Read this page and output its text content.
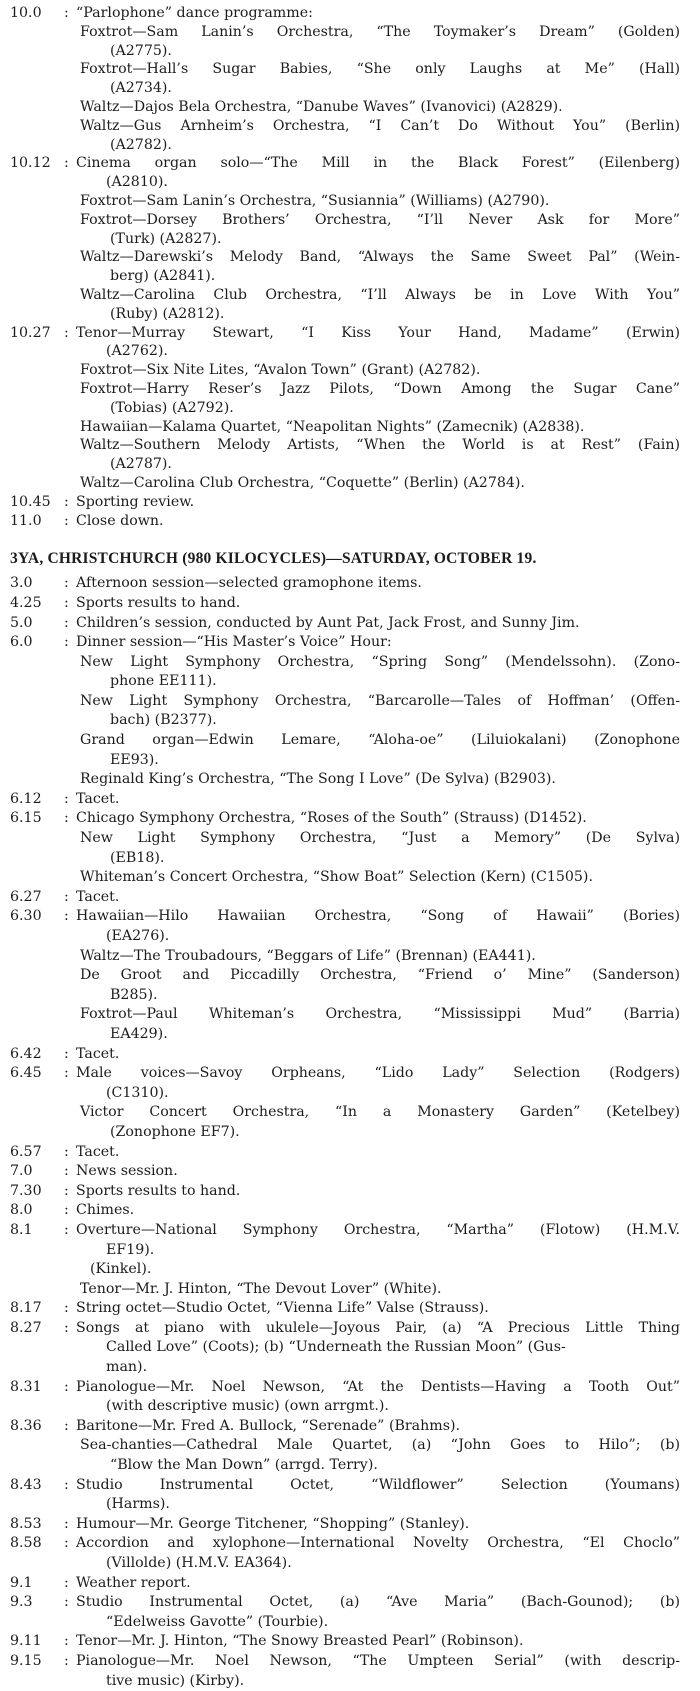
10.0	: “Parlophone” dance programme:
Foxtrot—Sam Lanin’s Orchestra, “The Toymaker’s Dream” (Golden)
(A2775).
Foxtrot—Hall’s Sugar Babies, “She only Laughs at Me” (Hall)
(A2734).
Waltz—Dajos Bela Orchestra, “Danube Waves” (Ivanovici) (A2829).
Waltz—Gus Arnheim’s Orchestra, “I Can’t Do Without You” (Berlin)
(A2782).
10.12 : Cinema organ solo—“The Mill in the Black Forest” (Eilenberg)
(A2810).
Foxtrot—Sam Lanin’s Orchestra, “Susiannia” (Williams) (A2790).
Foxtrot—Dorsey Brothers’ Orchestra, “I’ll Never Ask for More”
(Turk) (A2827).
Waltz—Darewski’s Melody Band, “Always the Same Sweet Pal” (Wein-
berg) (A2841).
Waltz—Carolina Club Orchestra, “I’ll Always be in Love With You”
(Ruby) (A2812).
10.27 : Tenor—Murray Stewart, “I Kiss Your Hand, Madame” (Erwin)
(A2762).
Foxtrot—Six Nite Lites, “Avalon Town” (Grant) (A2782).
Foxtrot—Harry Reser’s Jazz Pilots, “Down Among the Sugar Cane”
(Tobias) (A2792).
Hawaiian—Kalama Quartet, “Neapolitan Nights” (Zamecnik) (A2838).
Waltz—Southern Melody Artists, “When the World is at Rest” (Fain)
(A2787).
Waltz—Carolina Club Orchestra, “Coquette” (Berlin) (A2784).
10.45 : Sporting review.
11.0	: Close down.
3YA, CHRISTCHURCH (980 KILOCYCLES)—SATURDAY, OCTOBER 19.
3.0	: Afternoon session—selected gramophone items.
4.25	: Sports results to hand.
5.0	: Children’s session, conducted by Aunt Pat, Jack Frost, and Sunny Jim.
6.0	: Dinner session—“His Master’s Voice” Hour:
New Light Symphony Orchestra, “Spring Song” (Mendelssohn). (Zono-
phone EE111).
New Light Symphony Orchestra, “Barcarolle—Tales of Hoffman’ (Offen-
bach) (B2377).
Grand organ—Edwin Lemare, “Aloha-oe” (Liluiokalani) (Zonophone
EE93).
Reginald King’s Orchestra, “The Song I Love” (De Sylva) (B2903).
6.12	: Tacet.
6.15	: Chicago Symphony Orchestra, “Roses of the South” (Strauss) (D1452).
New Light Symphony Orchestra, “Just a Memory” (De Sylva)
(EB18).
Whiteman’s Concert Orchestra, “Show Boat” Selection (Kern) (C1505).
6.27	: Tacet.
6.30	: Hawaiian—Hilo Hawaiian Orchestra, “Song of Hawaii” (Bories)
(EA276).
Waltz—The Troubadours, “Beggars of Life” (Brennan) (EA441).
De Groot and Piccadilly Orchestra, “Friend o’ Mine” (Sanderson)
B285).
Foxtrot—Paul Whiteman’s Orchestra, “Mississippi Mud” (Barria)
EA429).
6.42	: Tacet.
6.45	: Male voices—Savoy Orpheans, “Lido Lady” Selection (Rodgers)
(C1310).
Victor Concert Orchestra, “In a Monastery Garden” (Ketelbey)
(Zonophone EF7).
6.57	: Tacet.
7.0	: News session.
7.30	: Sports results to hand.
8.0	: Chimes.
8.1	: Overture—National Symphony Orchestra, “Martha” (Flotow) (H.M.V.
EF19).
(Kinkel).
Tenor—Mr. J. Hinton, “The Devout Lover” (White).
8.17	: String octet—Studio Octet, “Vienna Life” Valse (Strauss).
8.27	: Songs at piano with ukulele—Joyous Pair, (a) “A Precious Little Thing
Called Love” (Coots); (b) “Underneath the Russian Moon” (Gus-
man).
8.31	: Pianologue—Mr. Noel Newson, “At the Dentists—Having a Tooth Out”
(with descriptive music) (own arrgmt.).
8.36	: Baritone—Mr. Fred A. Bullock, “Serenade” (Brahms).
Sea-chanties—Cathedral Male Quartet, (a) “John Goes to Hilo”; (b)
“Blow the Man Down” (arrgd. Terry).
8.43	: Studio Instrumental Octet, “Wildflower” Selection (Youmans)
(Harms).
8.53	: Humour—Mr. George Titchener, “Shopping” (Stanley).
8.58	: Accordion and xylophone—International Novelty Orchestra, “El Choclo”
(Villolde) (H.M.V. EA364).
9.1	: Weather report.
9.3	: Studio Instrumental Octet, (a) “Ave Maria” (Bach-Gounod); (b)
“Edelweiss Gavotte” (Tourbie).
9.11	: Tenor—Mr. J. Hinton, “The Snowy Breasted Pearl” (Robinson).
9.15	: Pianologue—Mr. Noel Newson, “The Umpteen Serial” (with descrip-
tive music) (Kirby).
